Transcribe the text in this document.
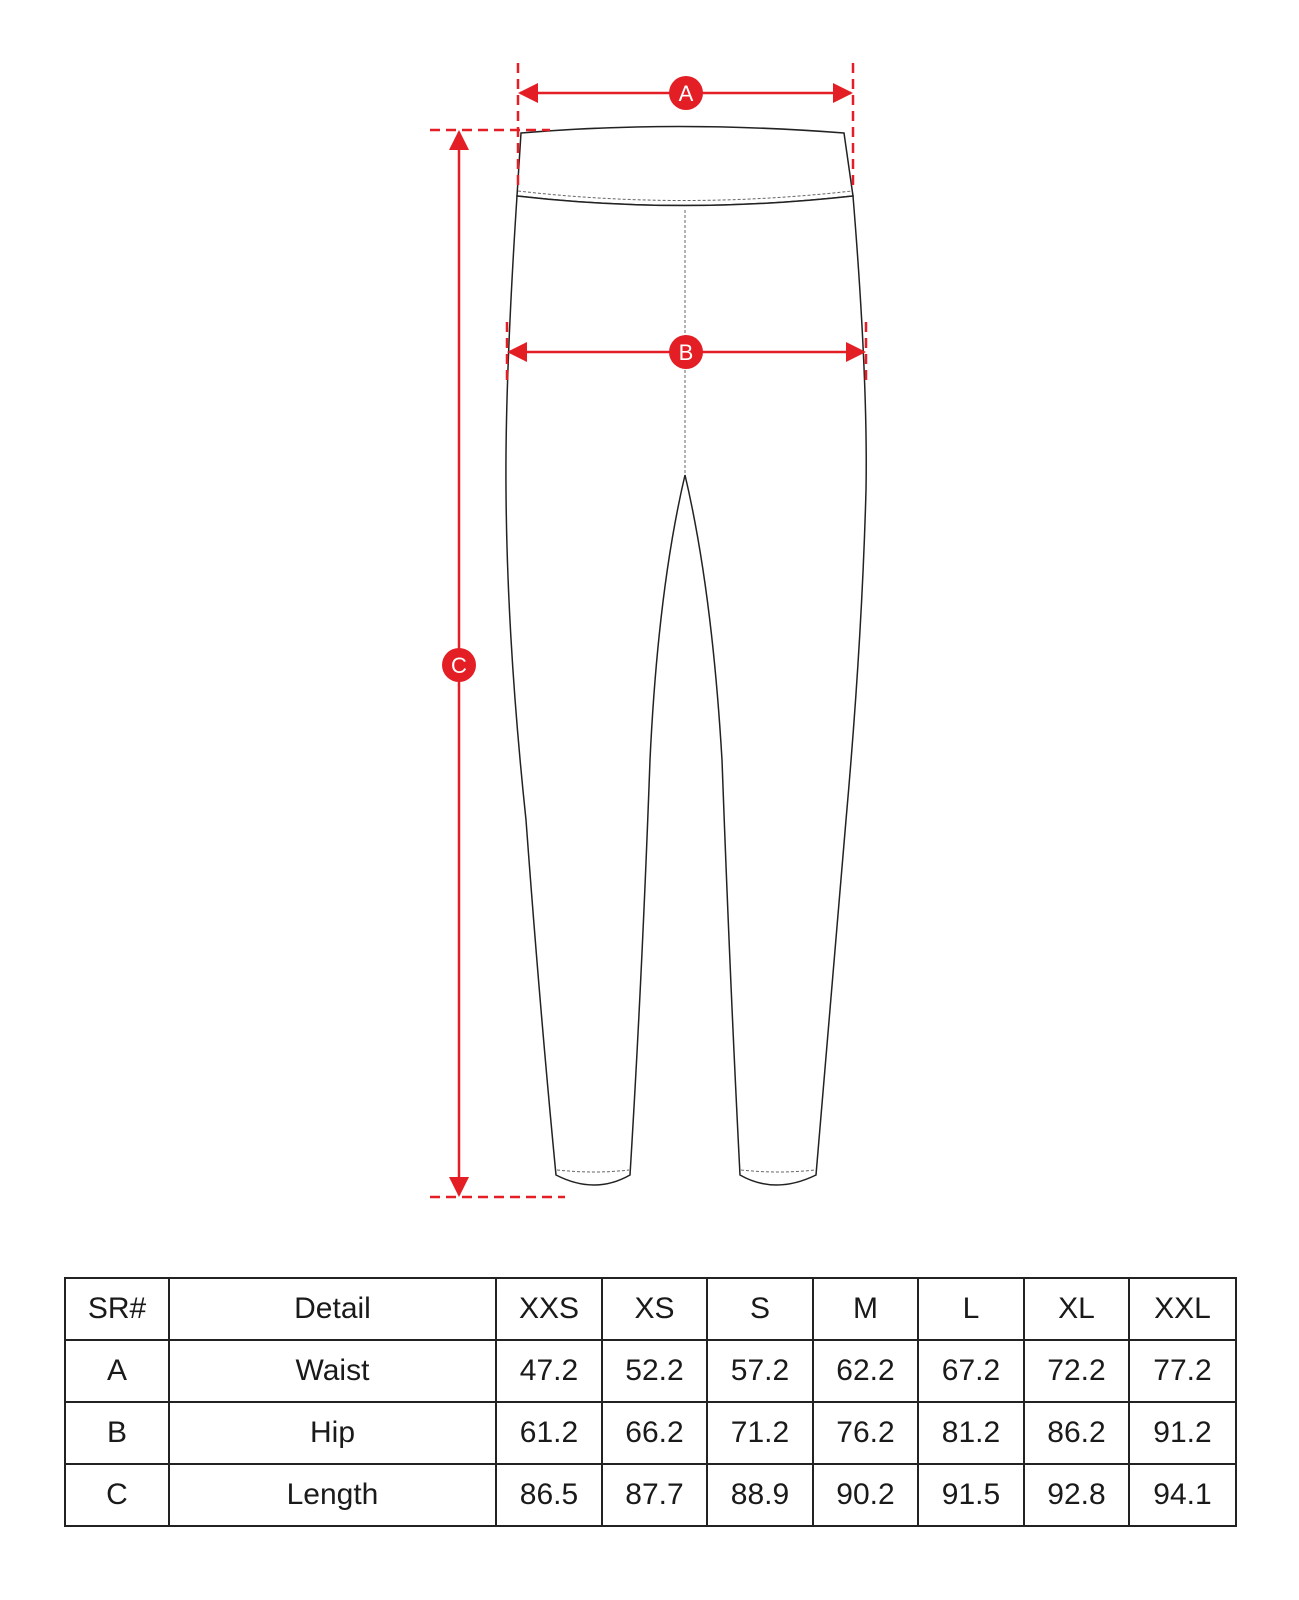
A
B
C
SR#	Detail	XXS	XS	S	M	L	XL	XXL
A	Waist	47.2	52.2	57.2	62.2	67.2	72.2	77.2
B	Hip	61.2	66.2	71.2	76.2	81.2	86.2	91.2
C	Length	86.5	87.7	88.9	90.2	91.5	92.8	94.1
